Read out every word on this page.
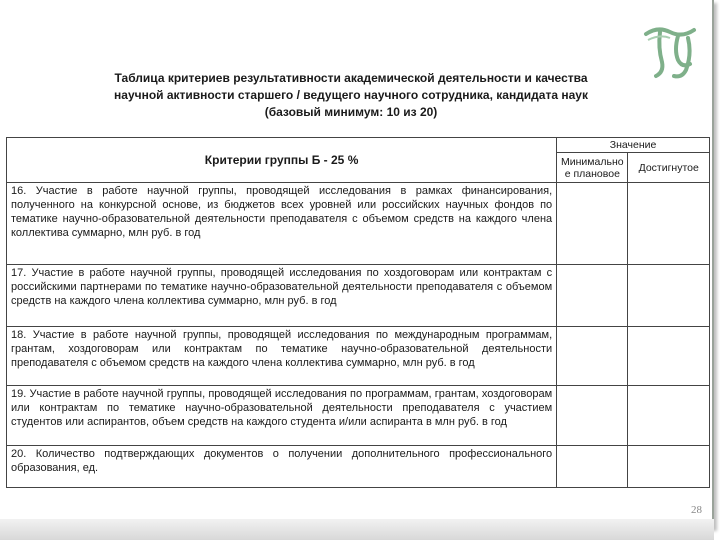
Таблица критериев результативности академической деятельности и качества
научной активности старшего / ведущего научного сотрудника, кандидата наук
(базовый минимум: 10 из 20)
Критерии группы Б - 25 %	Значение	
	Минимально е плановое	Достигнутое
16. Участие в работе научной группы, проводящей исследования в рамках финансирования, полученного на конкурсной основе, из бюджетов всех уровней или российских научных фондов по тематике научно-образовательной деятельности преподавателя с объемом средств на каждого члена коллектива суммарно, млн руб. в год		
17. Участие в работе научной группы, проводящей исследования по хоздоговорам или контрактам с российскими партнерами по тематике научно-образовательной деятельности преподавателя с объемом средств на каждого члена коллектива суммарно, млн руб. в год		
18. Участие в работе научной группы, проводящей исследования по международным программам, грантам, хоздоговорам или контрактам по тематике научно-образовательной деятельности преподавателя с объемом средств на каждого члена коллектива суммарно, млн руб. в год		
19. Участие в работе научной группы, проводящей исследования по программам, грантам, хоздоговорам или контрактам по тематике научно-образовательной деятельности преподавателя с участием студентов или аспирантов, объем средств на каждого студента и/или аспиранта в млн руб. в год		
20. Количество подтверждающих документов о получении дополнительного профессионального образования, ед.		
28
